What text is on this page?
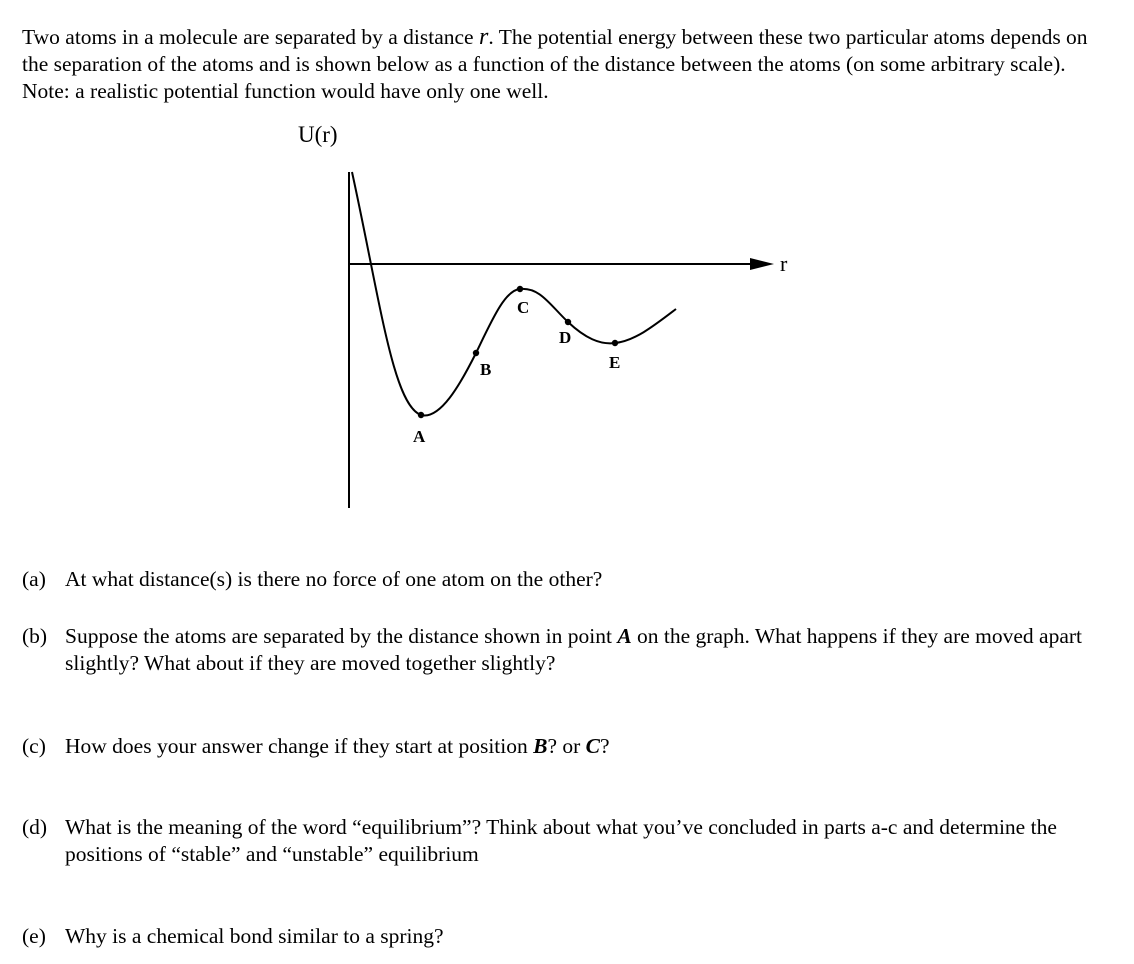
Two atoms in a molecule are separated by a distance r. The potential energy between these two particular atoms depends on the separation of the atoms and is shown below as a function of the distance between the atoms (on some arbitrary scale). Note: a realistic potential function would have only one well.

U(r)
r
A
B
C
D
E
(a) At what distance(s) is there no force of one atom on the other?
(b) Suppose the atoms are separated by the distance shown in point A on the graph. What happens if they are moved apart slightly? What about if they are moved together slightly?
(c) How does your answer change if they start at position B? or C?
(d) What is the meaning of the word “equilibrium”? Think about what you’ve concluded in parts a-c and determine the positions of “stable” and “unstable” equilibrium
(e) Why is a chemical bond similar to a spring?
